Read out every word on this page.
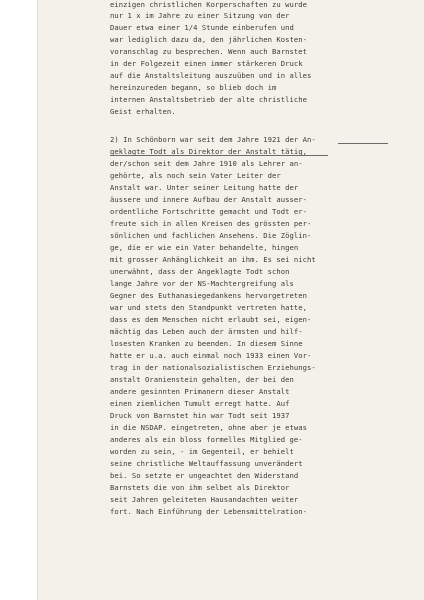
einzigen christlichen Korperschaften zu wurde
nur 1 x im Jahre zu einer Sitzung von der
Dauer etwa einer 1/4 Stunde einberufen und
war lediglich dazu da, den jährlichen Kosten-
voranschlag zu besprechen. Wenn auch Barnstet
in der Folgezeit einen immer stärkeren Druck
auf die Anstaltsleitung auszuüben und in alles
hereinzureden begann, so blieb doch im
internen Anstaltsbetrieb der alte christliche
Geist erhalten.
2) In Schönborn war seit dem Jahre 1921 der An-
geklagte Todt als Direktor der Anstalt tätig,
der/schon seit dem Jahre 1910 als Lehrer an-
gehörte, als noch sein Vater Leiter der
Anstalt war. Unter seiner Leitung hatte der
äussere und innere Aufbau der Anstalt ausser-
ordentliche Fortschritte gemacht und Todt er-
freute sich in allen Kreisen des grössten per-
sönlichen und fachlichen Ansehens. Die Zöglin-
ge, die er wie ein Vater behandelte, hingen
mit grosser Anhänglichkeit an ihm. Es sei nicht
unerwähnt, dass der Angeklagte Todt schon
lange Jahre vor der NS-Machtergreifung als
Gegner des Euthanasiegedankens hervorgetreten
war und stets den Standpunkt vertreten hatte,
dass es dem Menschen nicht erlaubt sei, eigen-
mächtig das Leben auch der ärmsten und hilf-
losesten Kranken zu beenden. In diesem Sinne
hatte er u.a. auch einmal noch 1933 einen Vor-
trag in der nationalsozialistischen Erziehungs-
anstalt Oranienstein gehalten, der bei den
andere gesinnten Primanern dieser Anstalt
einen ziemlichen Tumult erregt hatte. Auf
Druck von Barnstet hin war Todt seit 1937
in die NSDAP. eingetreten, ohne aber je etwas
anderes als ein bloss formelles Mitglied ge-
worden zu sein, - im Gegenteil, er behielt
seine christliche Weltauffassung unverändert
bei. So setzte er ungeachtet den Widerstand
Barnstets die von ihm selbet als Direktor
seit Jahren geleiteten Hausandachten weiter
fort. Nach Einführung der Lebensmittelration-
